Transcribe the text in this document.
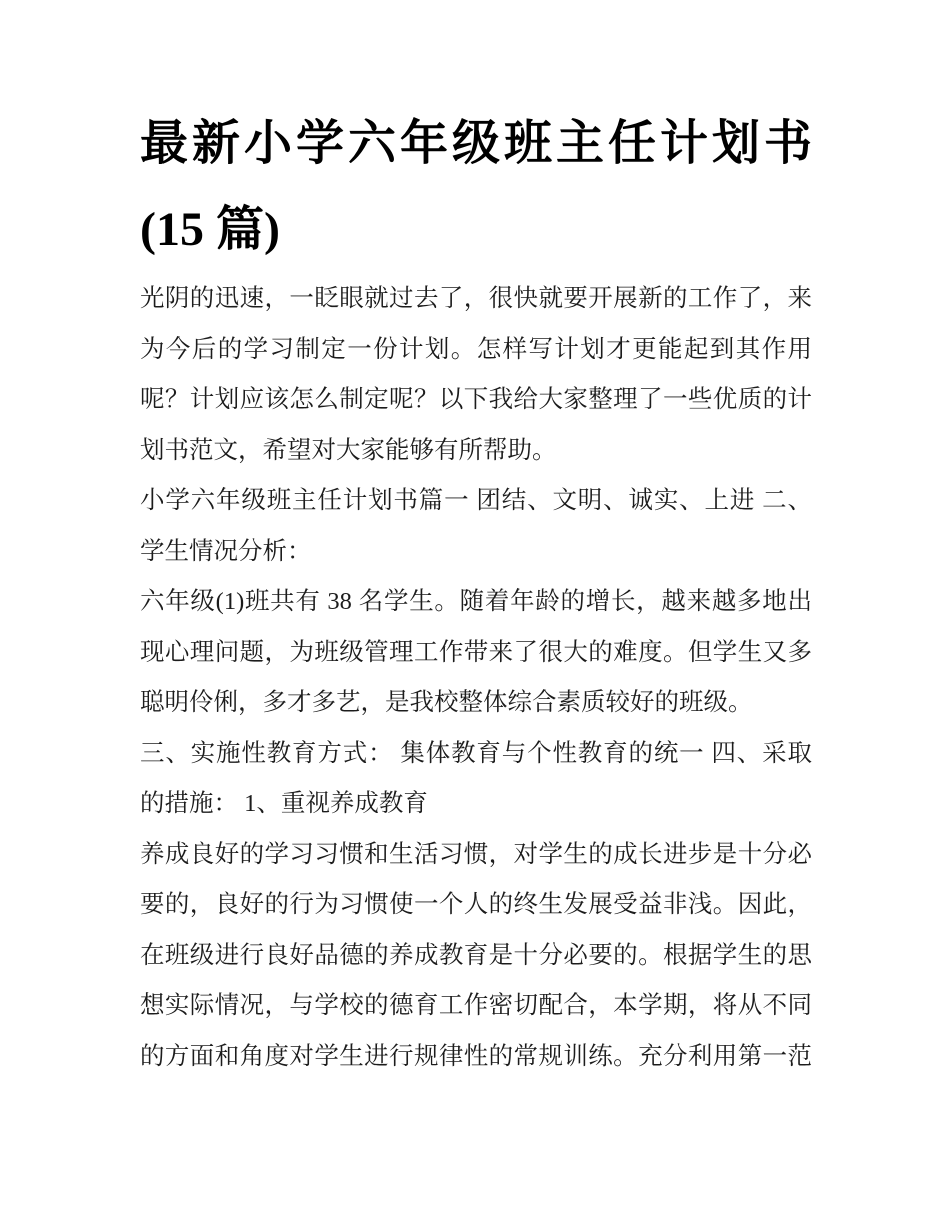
最新小学六年级班主任计划书
(15 篇)
光阴的迅速，一眨眼就过去了，很快就要开展新的工作了，来
为今后的学习制定一份计划。怎样写计划才更能起到其作用
呢？计划应该怎么制定呢？以下我给大家整理了一些优质的计
划书范文，希望对大家能够有所帮助。
小学六年级班主任计划书篇一 团结、文明、诚实、上进 二、
学生情况分析：
六年级(1)班共有 38 名学生。随着年龄的增长，越来越多地出
现心理问题，为班级管理工作带来了很大的难度。但学生又多
聪明伶俐，多才多艺，是我校整体综合素质较好的班级。
三、实施性教育方式： 集体教育与个性教育的统一 四、采取
的措施： 1、重视养成教育
养成良好的学习习惯和生活习惯，对学生的成长进步是十分必
要的，良好的行为习惯使一个人的终生发展受益非浅。因此，
在班级进行良好品德的养成教育是十分必要的。根据学生的思
想实际情况，与学校的德育工作密切配合，本学期，将从不同
的方面和角度对学生进行规律性的常规训练。充分利用第一范
